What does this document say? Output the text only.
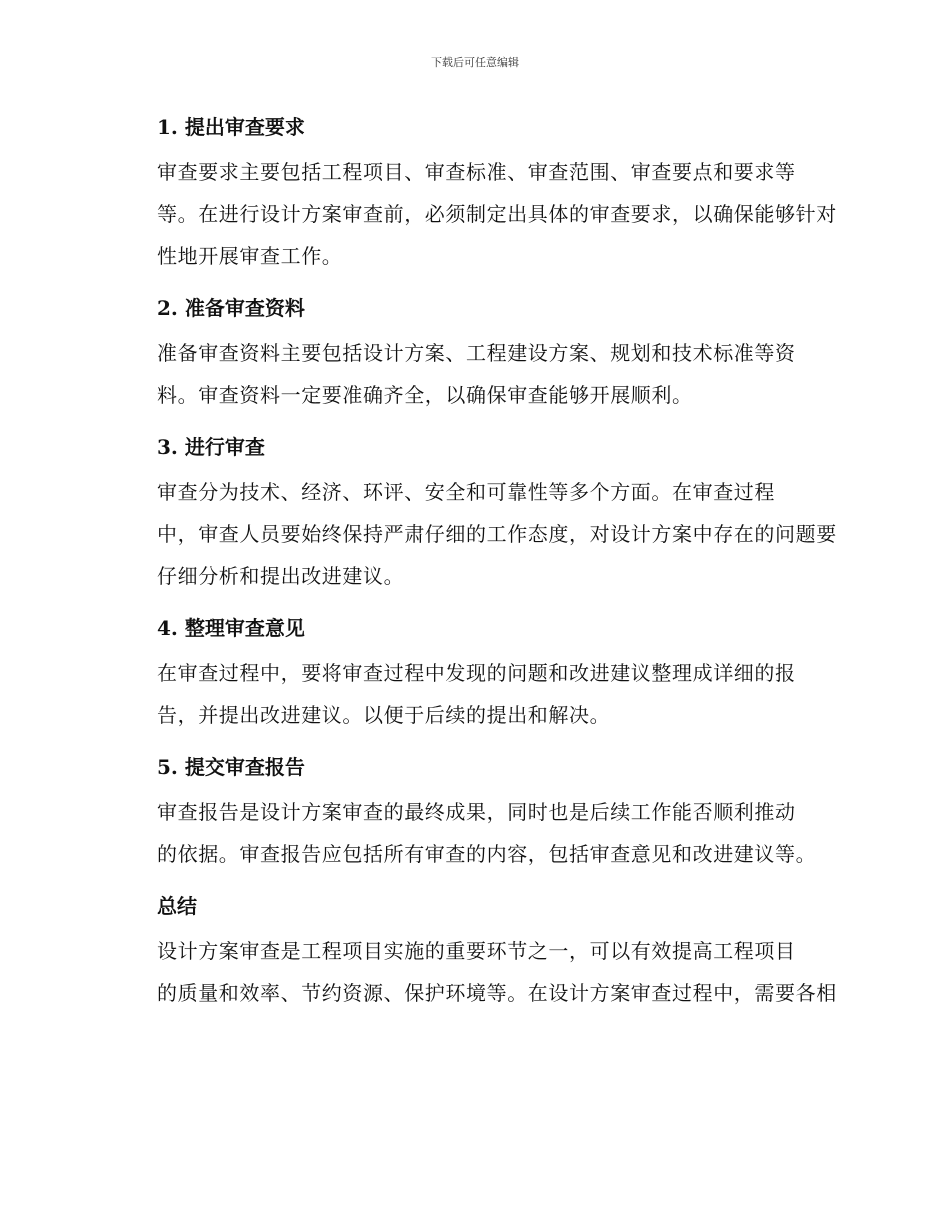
下载后可任意编辑
1. 提出审查要求
审查要求主要包括工程项目、审查标准、审查范围、审查要点和要求等
等。在进行设计方案审查前，必须制定出具体的审查要求，以确保能够针对
性地开展审查工作。
2. 准备审查资料
准备审查资料主要包括设计方案、工程建设方案、规划和技术标准等资
料。审查资料一定要准确齐全，以确保审查能够开展顺利。
3. 进行审查
审查分为技术、经济、环评、安全和可靠性等多个方面。在审查过程
中，审查人员要始终保持严肃仔细的工作态度，对设计方案中存在的问题要
仔细分析和提出改进建议。
4. 整理审查意见
在审查过程中，要将审查过程中发现的问题和改进建议整理成详细的报
告，并提出改进建议。以便于后续的提出和解决。
5. 提交审查报告
审查报告是设计方案审查的最终成果，同时也是后续工作能否顺利推动
的依据。审查报告应包括所有审查的内容，包括审查意见和改进建议等。
总结
设计方案审查是工程项目实施的重要环节之一，可以有效提高工程项目
的质量和效率、节约资源、保护环境等。在设计方案审查过程中，需要各相
